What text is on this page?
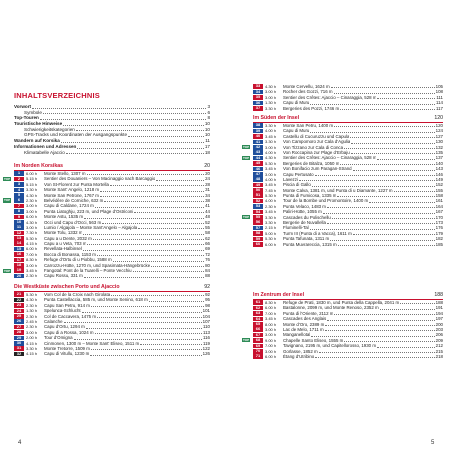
INHALTSVERZEICHNIS
Vorwort	3
Symbole	6
Top-Touren	8
Touristische Hinweise	10
Schwierigkeitskategorien	10
GPS-Tracks und Koordinaten der Ausgangspunkte	10
Wandern auf Korsika	11
Informationen und Adressen	17
Klimatabelle Ajaccio	18
Im Norden Korsikas	20
1	6.00 h	Monte Stello, 1307 m	20
TOP	2	5.15 h	Sentier des Douaniers – Von Macinaggio nach Barcaggio	24
3	5.15 h	Von St-Florent zur Punta Mortella	28
4	3.30 h	Monte Sant' Angelo, 1218 m	31
5	4.30 h	Monte San Petrone, 1767 m	34
TOP	6	2.30 h	Belvédère de Corniche, 632 m	38
7	3.00 h	Capu di Caldane, 1724 m	41
8	3.00 h	Punta Liatoghju, 223 m, und Plage d’Ostriconi	44
9	6.00 h	Monte Astu, 1535 m	48
10	4.30 h	Occi und Capu d’Occi, 563 m	52
11	3.00 h	Lumio / Algajola – Monte Sant’Angelo – Algajola	55
12	7.30 h	Monte Tolu, 1332 m	58
13	5.30 h	Capu a u Dente, 2032 m	62
14	4.15 h	Capu a u Veta, 703 m	66
15	6.00 h	Revellata-Halbinsel	69
16	7.00 h	Bocca di Bonassa, 1153 m	72
17	8.30 h	Refuge d’Ortu di u Piobbu, 1588 m	76
18	3.00 h	Carrozzu-Hütte, 1270 m, und Spasimata-Hängebrücke	80
TOP	19	3.45 h	Fangotal: Pont de la Tuarelli – Ponte Vecchiu	84
20	2.30 h	Capu Rossu, 331 m	88
Die Westküste zwischen Porto und Ajaccio	92
21	5.30 h	Vom Col de la Croix nach Girolata	92
22	4.30 h	Punta Castellaccia, 585 m, und Monte Senino, 618 m	95
23	2.30 h	Capu San Petru, 914 m	98
24	1.30 h	Spelunca-Schlucht	101
25	2.30 h	Col de Caccavera, 1475 m	104
26	2.45 h	Calanche	107
27	2.30 h	Capu d’Ortu, 1294 m	110
28	3.00 h	Capu di a Rossa, 1024 m	113
29	2.00 h	Tour d’Omigna	116
30	4.15 h	Cinmonen, 1300 m – Monte Sant’ Eliseo, 1511 m	119
31	3.30 h	Monte Tretorre, 1509 m	122
32	4.15 h	Capu di Vitullu, 1230 m	126
4
33	4.30 h	Monte Cervellu, 1624 m	105
34	3.00 h	Rocher des Gozzi, 716 m	108
35	3.00 h	Sentier des Crêtes: Ajaccio – Cinaraggia, 528 m	111
36	1.30 h	Capu di Muru	114
37	3.30 h	Bergeries des Pozzi, 1746 m	117
Im Süden der Insel	120
38	3.30 h	Monte San Petru, 1400 m	120
39	4.00 h	Capu di Muru	124
40	3.45 h	Castellu di Cucuruzzu und Capula	127
41	3.30 h	Von Campomoro zur Cala d’Agulia	130
TOP	42	3.00 h	Von Tizzano zur Cala di Conca	132
43	4.00 h	Von Roccapina zur Plage d’Erbaju	135
TOP	44	4.30 h	Sentier des Crêtes: Ajaccio – Cinaraggia, 528 m	137
45	5.30 h	Bergeries de Bitalza, 1050 m	140
46	3.45 h	Von Bonifacio zum Paragan-Strand	143
47	3.00 h	Capu Pertusato	146
48	4.00 h	Lavezzi	149
49	3.45 h	Piscia di Gallo	152
50	7.45 h	Monte Calva, 1381 m, und Punta di u Diamante, 1227 m	155
51	5.30 h	Punta di Fumicosa, 1335 m	158
52	4.00 h	Tour de la Bombe und Promontoire, 1400 m	161
53	2.30 h	Punta Velaco, 1483 m	164
54	3.45 h	Paliri-Hütte, 1055 m	167
TOP	55	3.30 h	Cascades du Polischellu	170
56	3.30 h	Bergerie de Nuvallella	173
57	2.15 h	Fluminelli-Tal	176
58	5.00 h	Turm III (Punta di a Vacca), 1611 m	179
59	5.30 h	Punta Tafunata, 1311 m	182
60	6.00 h	Punta Muvrareccia, 1315 m	185
Im Zentrum der Insel	188
61	8.30 h	Refuge de Prati, 1830 m, und Punta della Cappella, 2041 m	188
62	6.00 h	Bastalonne, 2099 m, und Monte Renoso, 2352 m	191
63	7.00 h	Punta di l’Oriente, 2112 m	194
64	3.45 h	Cascades des Anglais	197
65	8.00 h	Monte d’Oro, 2389 m	200
66	3.00 h	Lac de Melo, 1711 m	203
67	3.00 h	Manganellotal	206
TOP	68	9.00 h	Chapelle Santo Eliseo, 1555 m	209
69	7.00 h	Tavignano, 2195 m, und Capitellorosso, 1930 m	212
70	3.00 h	Gorlasse, 1852 m	215
71	6.00 h	Étang d’Utribino	218
5
